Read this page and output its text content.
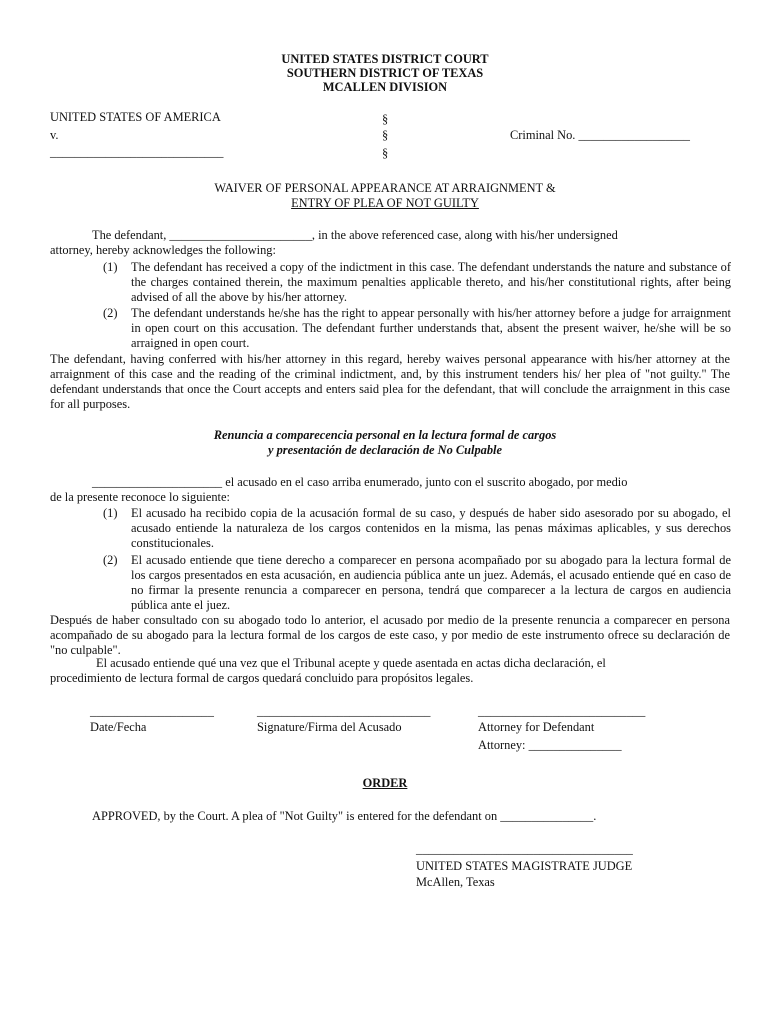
UNITED STATES DISTRICT COURT
SOUTHERN DISTRICT OF TEXAS
MCALLEN DIVISION
UNITED STATES OF AMERICA
v.
____________________________
§
§
§
Criminal No. __________________
WAIVER OF PERSONAL APPEARANCE AT ARRAIGNMENT &
ENTRY OF PLEA OF NOT GUILTY
The defendant, _______________________, in the above referenced case, along with his/her undersigned
attorney, hereby acknowledges the following:
(1) The defendant has received a copy of the indictment in this case. The defendant understands the nature and substance of the charges contained therein, the maximum penalties applicable thereto, and his/her constitutional rights, after being advised of all the above by his/her attorney.
(2) The defendant understands he/she has the right to appear personally with his/her attorney before a judge for arraignment in open court on this accusation. The defendant further understands that, absent the present waiver, he/she will be so arraigned in open court.
The defendant, having conferred with his/her attorney in this regard, hereby waives personal appearance with his/her attorney at the arraignment of this case and the reading of the criminal indictment, and, by this instrument tenders his/ her plea of "not guilty." The defendant understands that once the Court accepts and enters said plea for the defendant, that will conclude the arraignment in this case for all purposes.
Renuncia a comparecencia personal en la lectura formal de cargos
y presentación de declaración de No Culpable
_____________________ el acusado en el caso arriba enumerado, junto con el suscrito abogado, por medio
de la presente reconoce lo siguiente:
(1) El acusado ha recibido copia de la acusación formal de su caso, y después de haber sido asesorado por su abogado, el acusado entiende la naturaleza de los cargos contenidos en la misma, las penas máximas aplicables, y sus derechos constitucionales.
(2) El acusado entiende que tiene derecho a comparecer en persona acompañado por su abogado para la lectura formal de los cargos presentados en esta acusación, en audiencia pública ante un juez. Además, el acusado entiende qué en caso de no firmar la presente renuncia a comparecer en persona, tendrá que comparecer a la lectura de cargos en audiencia pública ante el juez.
Después de haber consultado con su abogado todo lo anterior, el acusado por medio de la presente renuncia a comparecer en persona acompañado de su abogado para la lectura formal de los cargos de este caso, y por medio de este instrumento ofrece su declaración de "no culpable".
El acusado entiende qué una vez que el Tribunal acepte y quede asentada en actas dicha declaración, el
procedimiento de lectura formal de cargos quedará concluido para propósitos legales.
____________________
Date/Fecha
____________________________
Signature/Firma del Acusado
___________________________
Attorney for Defendant
Attorney: _______________
ORDER
APPROVED, by the Court. A plea of "Not Guilty" is entered for the defendant on _______________.
___________________________________
UNITED STATES MAGISTRATE JUDGE
McAllen, Texas
